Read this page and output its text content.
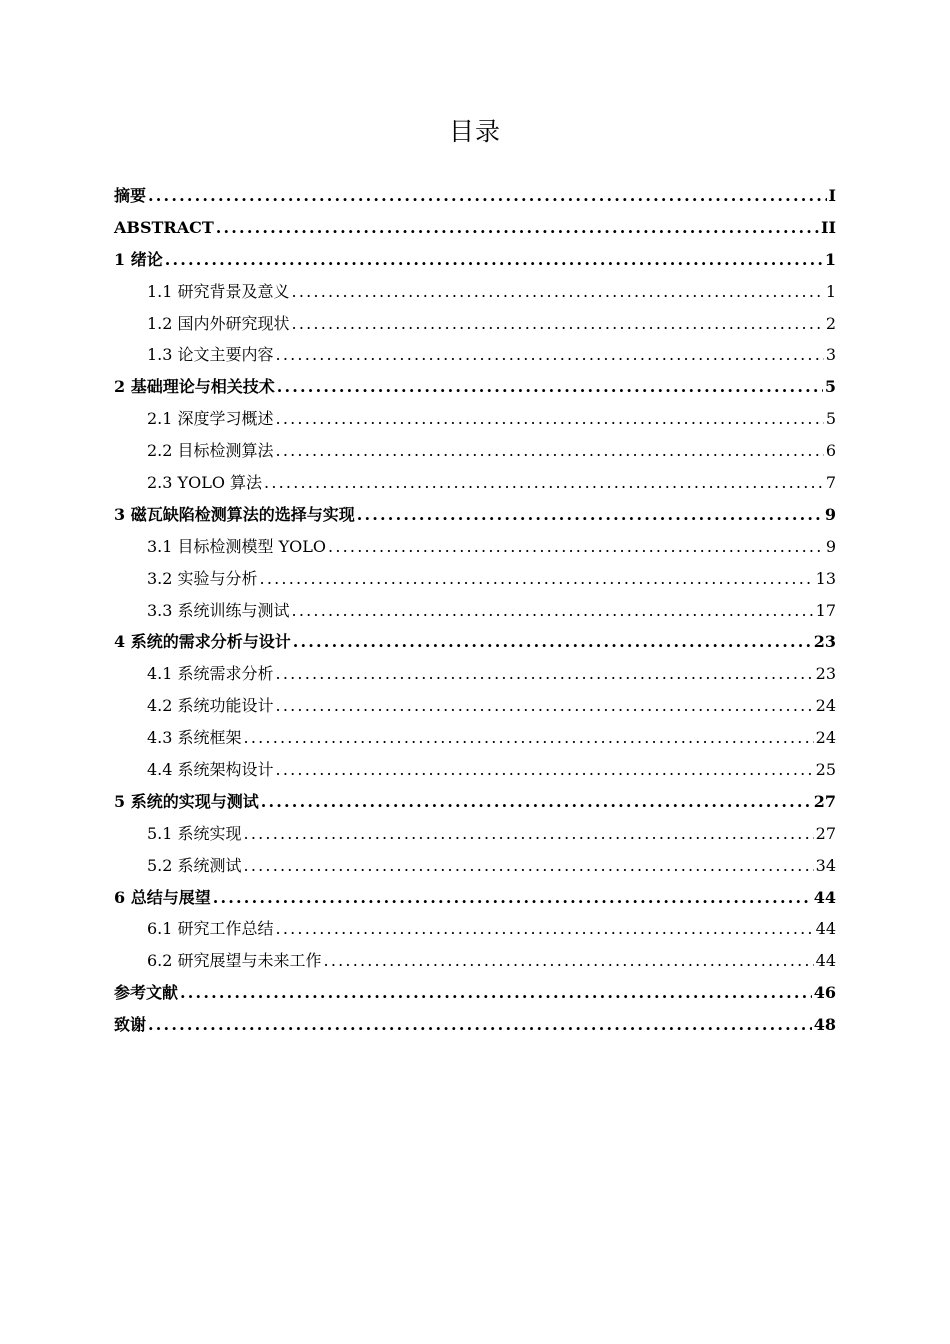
目录
摘要 .....	I
ABSTRACT .....	II
1 绪论 .....	1
1.1 研究背景及意义 .....	1
1.2 国内外研究现状 .....	2
1.3 论文主要内容 .....	3
2 基础理论与相关技术 .....	5
2.1 深度学习概述 .....	5
2.2 目标检测算法 .....	6
2.3 YOLO 算法 .....	7
3 磁瓦缺陷检测算法的选择与实现 .....	9
3.1 目标检测模型 YOLO .....	9
3.2 实验与分析 .....	13
3.3 系统训练与测试 .....	17
4 系统的需求分析与设计 .....	23
4.1 系统需求分析 .....	23
4.2 系统功能设计 .....	24
4.3 系统框架 .....	24
4.4 系统架构设计 .....	25
5 系统的实现与测试 .....	27
5.1 系统实现 .....	27
5.2 系统测试 .....	34
6 总结与展望 .....	44
6.1 研究工作总结 .....	44
6.2 研究展望与未来工作 .....	44
参考文献 .....	46
致谢 .....	48
